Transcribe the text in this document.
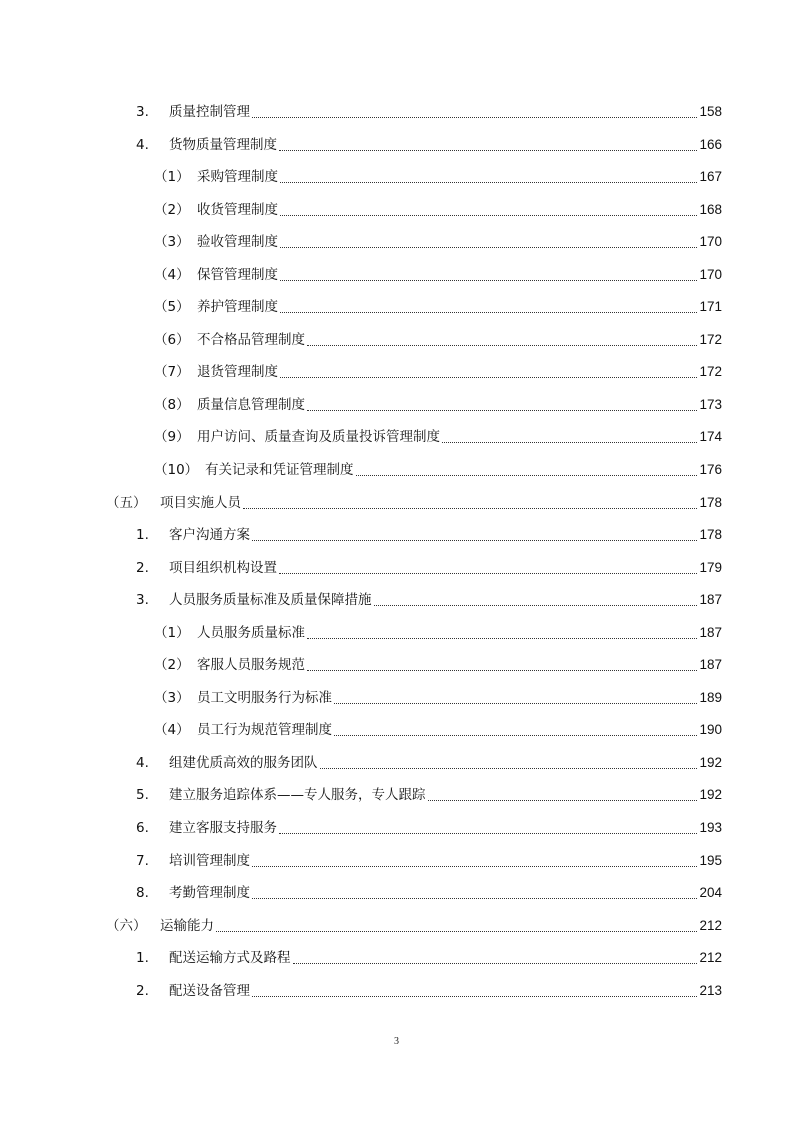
3. 质量控制管理	158
4. 货物质量管理制度	166
（1） 采购管理制度	167
（2） 收货管理制度	168
（3） 验收管理制度	170
（4） 保管管理制度	170
（5） 养护管理制度	171
（6） 不合格品管理制度	172
（7） 退货管理制度	172
（8） 质量信息管理制度	173
（9） 用户访问、质量查询及质量投诉管理制度	174
（10） 有关记录和凭证管理制度	176
（五） 项目实施人员	178
1. 客户沟通方案	178
2. 项目组织机构设置	179
3. 人员服务质量标准及质量保障措施	187
（1） 人员服务质量标准	187
（2） 客服人员服务规范	187
（3） 员工文明服务行为标准	189
（4） 员工行为规范管理制度	190
4. 组建优质高效的服务团队	192
5. 建立服务追踪体系——专人服务，专人跟踪	192
6. 建立客服支持服务	193
7. 培训管理制度	195
8. 考勤管理制度	204
（六） 运输能力	212
1. 配送运输方式及路程	212
2. 配送设备管理	213
3
